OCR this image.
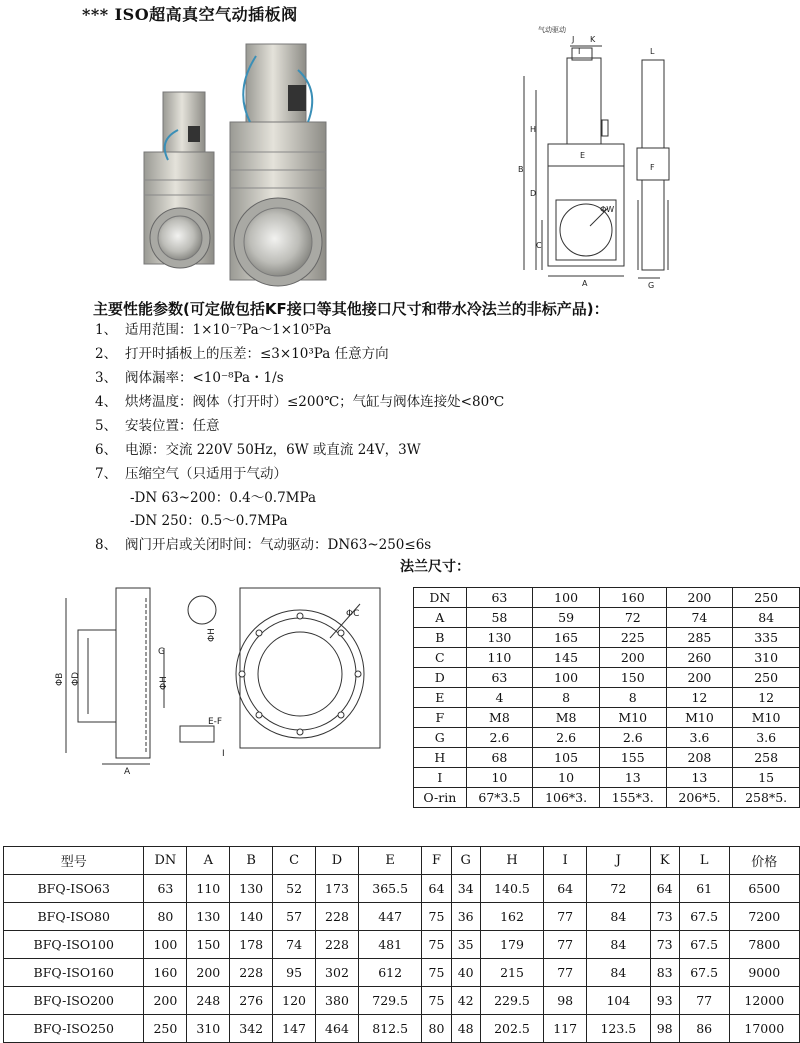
*** ISO超高真空气动插板阀
气动驱动
B
H
D
C
A
J K
G
I
E
L
F
ΦW
主要性能参数(可定做包括KF接口等其他接口尺寸和带水冷法兰的非标产品)：
1、 适用范围：1×10⁻⁷Pa～1×10⁵Pa
2、 打开时插板上的压差：≤3×10³Pa 任意方向
3、 阀体漏率：<10⁻⁸Pa・1/s
4、 烘烤温度：阀体（打开时）≤200℃；气缸与阀体连接处<80℃
5、 安装位置：任意
6、 电源：交流 220V 50Hz，6W 或直流 24V，3W
7、 压缩空气（只适用于气动）
-DN 63~200：0.4～0.7MPa
-DN 250：0.5～0.7MPa
8、 阀门开启或关闭时间：气动驱动：DN63~250≤6s
法兰尺寸：
ΦB ΦD
G
ΦH
ΦH
A
E-F
I
ΦC
DN	63	100	160	200	250
A	58	59	72	74	84
B	130	165	225	285	335
C	110	145	200	260	310
D	63	100	150	200	250
E	4	8	8	12	12
F	M8	M8	M10	M10	M10
G	2.6	2.6	2.6	3.6	3.6
H	68	105	155	208	258
I	10	10	13	13	15
O-rin	67*3.5	106*3.	155*3.	206*5.	258*5.
型号	DN	A	B	C	D	E	F	G	H	I	J	K	L	价格
BFQ-ISO63	63	110	130	52	173	365.5	64	34	140.5	64	72	64	61	6500
BFQ-ISO80	80	130	140	57	228	447	75	36	162	77	84	73	67.5	7200
BFQ-ISO100	100	150	178	74	228	481	75	35	179	77	84	73	67.5	7800
BFQ-ISO160	160	200	228	95	302	612	75	40	215	77	84	83	67.5	9000
BFQ-ISO200	200	248	276	120	380	729.5	75	42	229.5	98	104	93	77	12000
BFQ-ISO250	250	310	342	147	464	812.5	80	48	202.5	117	123.5	98	86	17000
